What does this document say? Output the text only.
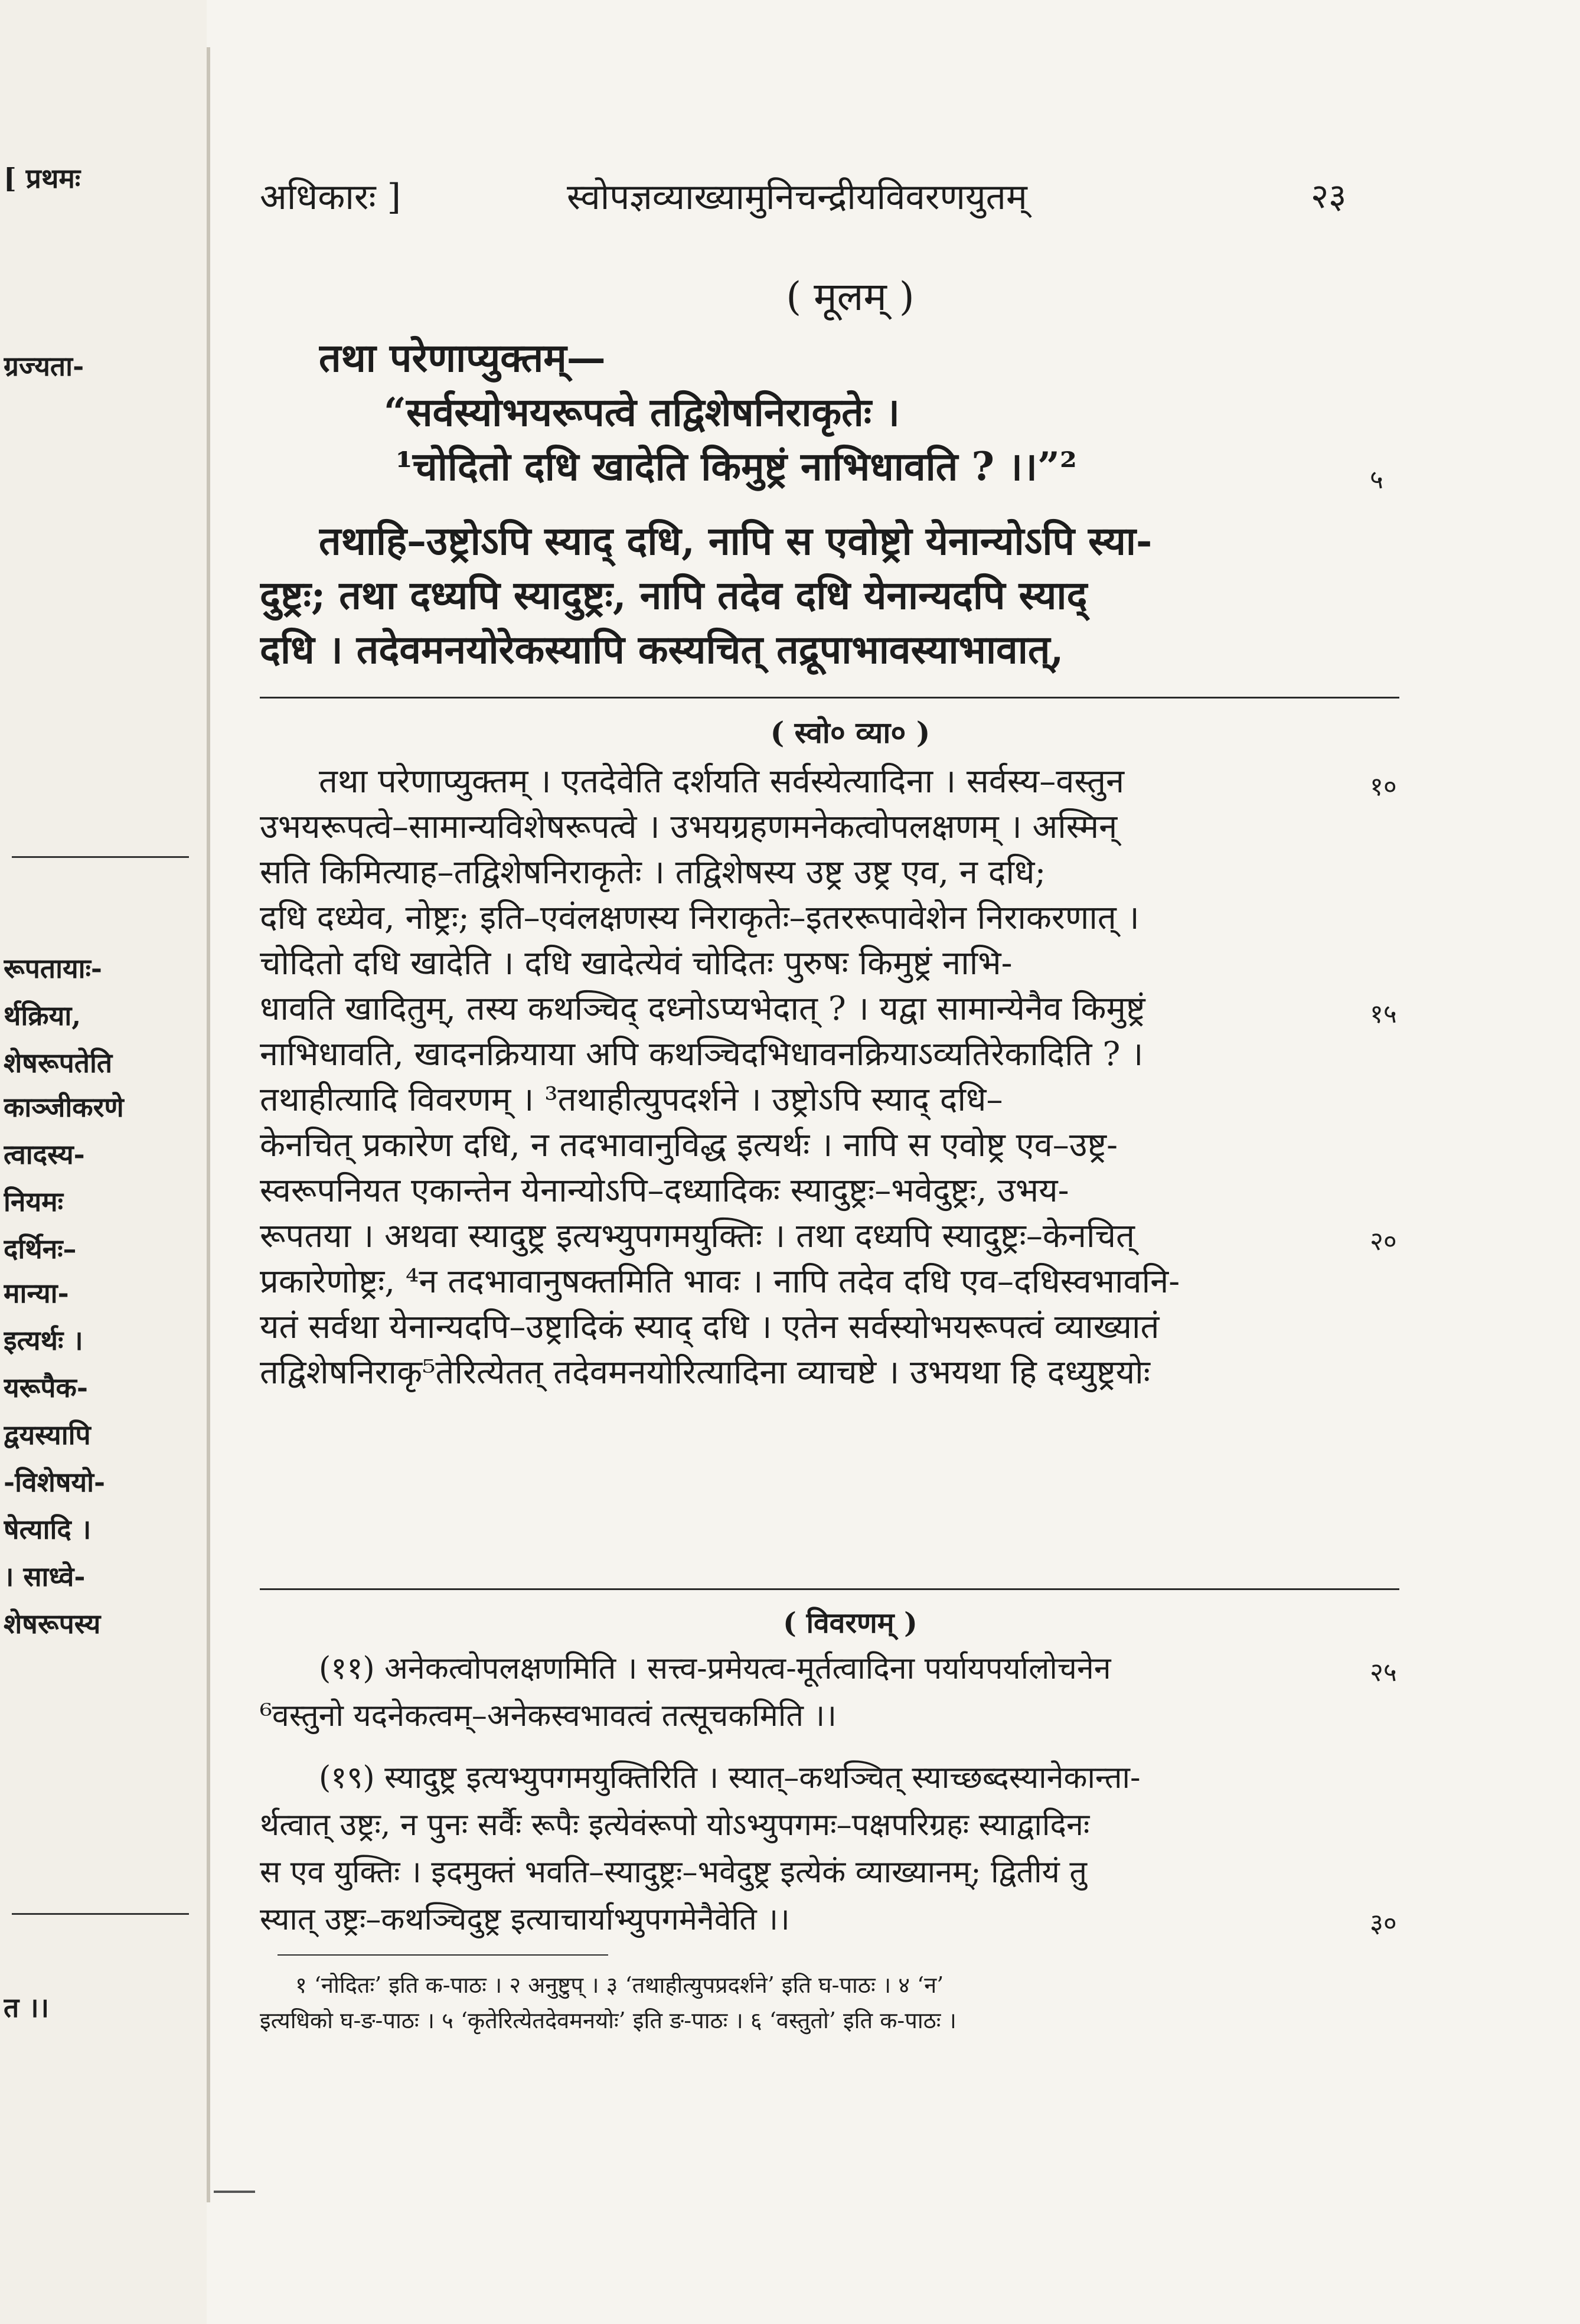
[ प्रथमः
ग्रज्यता-
रूपतायाः-
र्थक्रिया,
शेषरूपतेति
काञ्जीकरणे
त्वादस्य-
नियमः
दर्थिनः–
मान्या-
इत्यर्थः ।
यरूपैक-
द्वयस्यापि
-विशेषयो-
षेत्यादि ।
। साध्वे-
शेषरूपस्य
त ।।
अधिकारः ]	स्वोपज्ञव्याख्यामुनिचन्द्रीयविवरणयुतम्	२३
( मूलम् )
तथा परेणाप्युक्तम्—
“सर्वस्योभयरूपत्वे तद्विशेषनिराकृतेः ।
¹चोदितो दधि खादेति किमुष्ट्रं नाभिधावति ? ।।”²
तथाहि–उष्ट्रोऽपि स्याद् दधि, नापि स एवोष्ट्रो येनान्योऽपि स्या-
दुष्ट्रः; तथा दध्यपि स्यादुष्ट्रः, नापि तदेव दधि येनान्यदपि स्याद्
दधि । तदेवमनयोरेकस्यापि कस्यचित् तद्रूपाभावस्याभावात्,
( स्वो० व्या० )
तथा परेणाप्युक्तम् । एतदेवेति दर्शयति सर्वस्येत्यादिना । सर्वस्य–वस्तुन
उभयरूपत्वे–सामान्यविशेषरूपत्वे । उभयग्रहणमनेकत्वोपलक्षणम् । अस्मिन्
सति किमित्याह–तद्विशेषनिराकृतेः । तद्विशेषस्य उष्ट्र उष्ट्र एव, न दधि;
दधि दध्येव, नोष्ट्रः; इति–एवंलक्षणस्य निराकृतेः–इतररूपावेशेन निराकरणात् ।
चोदितो दधि खादेति । दधि खादेत्येवं चोदितः पुरुषः किमुष्ट्रं नाभि-
धावति खादितुम्, तस्य कथञ्चिद् दध्नोऽप्यभेदात् ? । यद्वा सामान्येनैव किमुष्ट्रं
नाभिधावति, खादनक्रियाया अपि कथञ्चिदभिधावनक्रियाऽव्यतिरेकादिति ? ।
तथाहीत्यादि विवरणम् । ³तथाहीत्युपदर्शने । उष्ट्रोऽपि स्याद् दधि–
केनचित् प्रकारेण दधि, न तदभावानुविद्ध इत्यर्थः । नापि स एवोष्ट्र एव–उष्ट्र-
स्वरूपनियत एकान्तेन येनान्योऽपि–दध्यादिकः स्यादुष्ट्रः–भवेदुष्ट्रः, उभय-
रूपतया । अथवा स्यादुष्ट्र इत्यभ्युपगमयुक्तिः । तथा दध्यपि स्यादुष्ट्रः–केनचित्
प्रकारेणोष्ट्रः, ⁴न तदभावानुषक्तमिति भावः । नापि तदेव दधि एव–दधिस्वभावनि-
यतं सर्वथा येनान्यदपि–उष्ट्रादिकं स्याद् दधि । एतेन सर्वस्योभयरूपत्वं व्याख्यातं
तद्विशेषनिराकृ⁵तेरित्येतत् तदेवमनयोरित्यादिना व्याचष्टे । उभयथा हि दध्युष्ट्रयोः
( विवरणम् )
(११) अनेकत्वोपलक्षणमिति । सत्त्व-प्रमेयत्व-मूर्तत्वादिना पर्यायपर्यालोचनेन
⁶वस्तुनो यदनेकत्वम्–अनेकस्वभावत्वं तत्सूचकमिति ।।
(१९) स्यादुष्ट्र इत्यभ्युपगमयुक्तिरिति । स्यात्–कथञ्चित् स्याच्छब्दस्यानेकान्ता-
र्थत्वात् उष्ट्रः, न पुनः सर्वैः रूपैः इत्येवंरूपो योऽभ्युपगमः–पक्षपरिग्रहः स्याद्वादिनः
स एव युक्तिः । इदमुक्तं भवति–स्यादुष्ट्रः–भवेदुष्ट्र इत्येकं व्याख्यानम्; द्वितीयं तु
स्यात् उष्ट्रः–कथञ्चिदुष्ट्र इत्याचार्याभ्युपगमेनैवेति ।।
५
१०
१५
२०
२५
३०
१ ‘नोदितः’ इति क-पाठः । २ अनुष्टुप् । ३ ‘तथाहीत्युपप्रदर्शने’ इति घ-पाठः । ४ ‘न’
इत्यधिको घ-ङ-पाठः । ५ ‘कृतेरित्येतदेवमनयोः’ इति ङ-पाठः । ६ ‘वस्तुतो’ इति क-पाठः ।
